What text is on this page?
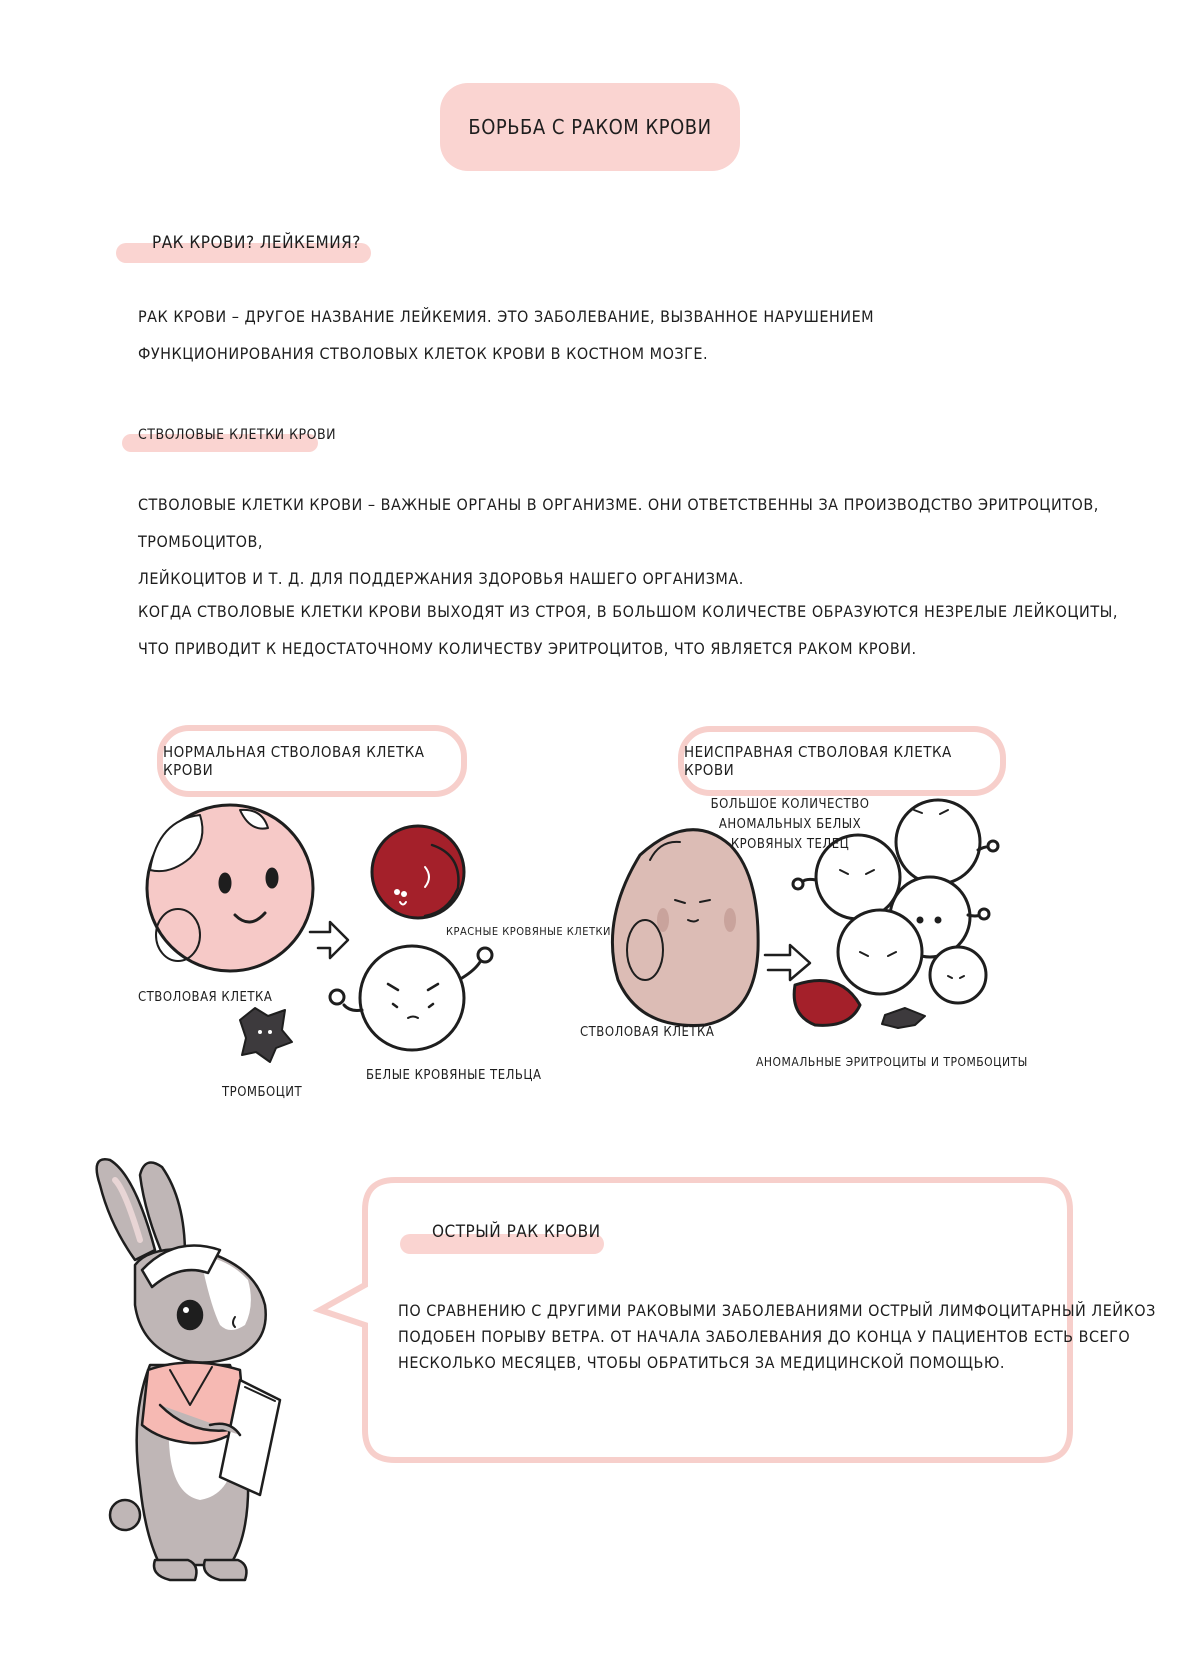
БОРЬБА С РАКОМ КРОВИ
РАК КРОВИ? ЛЕЙКЕМИЯ?
РАК КРОВИ – ДРУГОЕ НАЗВАНИЕ ЛЕЙКЕМИЯ. ЭТО ЗАБОЛЕВАНИЕ, ВЫЗВАННОЕ НАРУШЕНИЕМ
ФУНКЦИОНИРОВАНИЯ СТВОЛОВЫХ КЛЕТОК КРОВИ В КОСТНОМ МОЗГЕ.
СТВОЛОВЫЕ КЛЕТКИ КРОВИ
СТВОЛОВЫЕ КЛЕТКИ КРОВИ – ВАЖНЫЕ ОРГАНЫ В ОРГАНИЗМЕ. ОНИ ОТВЕТСТВЕННЫ ЗА ПРОИЗВОДСТВО ЭРИТРОЦИТОВ, ТРОМБОЦИТОВ,
ЛЕЙКОЦИТОВ И Т. Д. ДЛЯ ПОДДЕРЖАНИЯ ЗДОРОВЬЯ НАШЕГО ОРГАНИЗМА.
КОГДА СТВОЛОВЫЕ КЛЕТКИ КРОВИ ВЫХОДЯТ ИЗ СТРОЯ, В БОЛЬШОМ КОЛИЧЕСТВЕ ОБРАЗУЮТСЯ НЕЗРЕЛЫЕ ЛЕЙКОЦИТЫ,
ЧТО ПРИВОДИТ К НЕДОСТАТОЧНОМУ КОЛИЧЕСТВУ ЭРИТРОЦИТОВ, ЧТО ЯВЛЯЕТСЯ РАКОМ КРОВИ.
НОРМАЛЬНАЯ СТВОЛОВАЯ КЛЕТКА КРОВИ
НЕИСПРАВНАЯ СТВОЛОВАЯ КЛЕТКА КРОВИ
СТВОЛОВАЯ КЛЕТКА
КРАСНЫЕ КРОВЯНЫЕ КЛЕТКИ
БЕЛЫЕ КРОВЯНЫЕ ТЕЛЬЦА
ТРОМБОЦИТ
БОЛЬШОЕ КОЛИЧЕСТВО
АНОМАЛЬНЫХ БЕЛЫХ
КРОВЯНЫХ ТЕЛЕЦ
СТВОЛОВАЯ КЛЕТКА
АНОМАЛЬНЫЕ ЭРИТРОЦИТЫ И ТРОМБОЦИТЫ
ОСТРЫЙ РАК КРОВИ
ПО СРАВНЕНИЮ С ДРУГИМИ РАКОВЫМИ ЗАБОЛЕВАНИЯМИ ОСТРЫЙ ЛИМФОЦИТАРНЫЙ ЛЕЙКОЗ
ПОДОБЕН ПОРЫВУ ВЕТРА. ОТ НАЧАЛА ЗАБОЛЕВАНИЯ ДО КОНЦА У ПАЦИЕНТОВ ЕСТЬ ВСЕГО
НЕСКОЛЬКО МЕСЯЦЕВ, ЧТОБЫ ОБРАТИТЬСЯ ЗА МЕДИЦИНСКОЙ ПОМОЩЬЮ.
